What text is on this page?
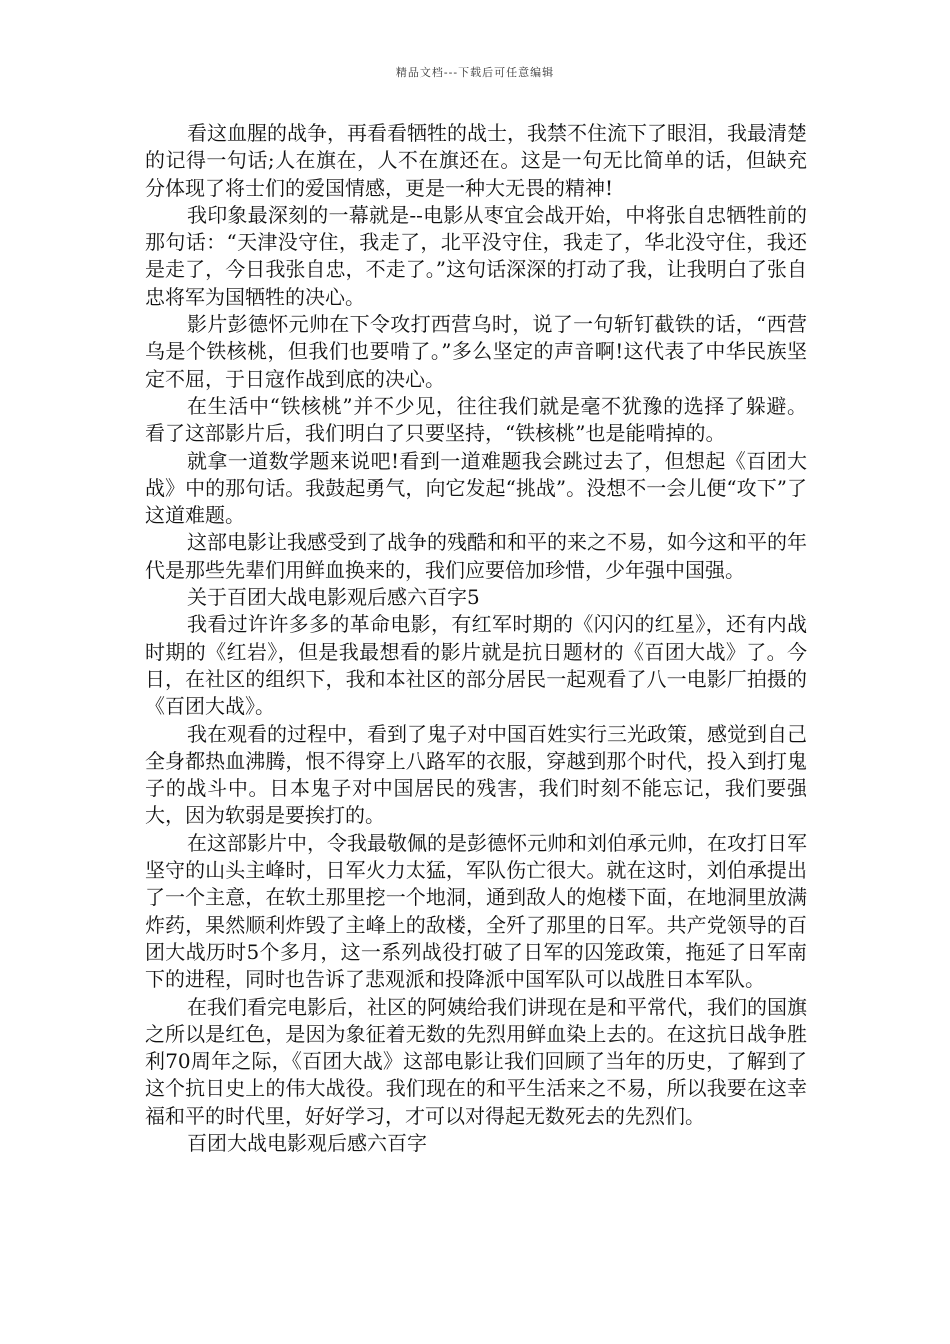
精品文档---下载后可任意编辑

看这血腥的战争，再看看牺牲的战士，我禁不住流下了眼泪，我最清楚的记得一句话;人在旗在，人不在旗还在。这是一句无比简单的话，但缺充分体现了将士们的爱国情感，更是一种大无畏的精神!

我印象最深刻的一幕就是--电影从枣宜会战开始，中将张自忠牺牲前的那句话：“天津没守住，我走了，北平没守住，我走了，华北没守住，我还是走了，今日我张自忠，不走了。”这句话深深的打动了我，让我明白了张自忠将军为国牺牲的决心。

影片彭德怀元帅在下令攻打西营乌时，说了一句斩钉截铁的话，“西营乌是个铁核桃，但我们也要啃了。”多么坚定的声音啊!这代表了中华民族坚定不屈，于日寇作战到底的决心。

在生活中“铁核桃”并不少见，往往我们就是毫不犹豫的选择了躲避。看了这部影片后，我们明白了只要坚持，“铁核桃”也是能啃掉的。

就拿一道数学题来说吧!看到一道难题我会跳过去了，但想起《百团大战》中的那句话。我鼓起勇气，向它发起“挑战”。没想不一会儿便“攻下”了这道难题。

这部电影让我感受到了战争的残酷和和平的来之不易，如今这和平的年代是那些先辈们用鲜血换来的，我们应要倍加珍惜，少年强中国强。

关于百团大战电影观后感六百字5

我看过许许多多的革命电影，有红军时期的《闪闪的红星》，还有内战时期的《红岩》，但是我最想看的影片就是抗日题材的《百团大战》了。今日，在社区的组织下，我和本社区的部分居民一起观看了八一电影厂拍摄的《百团大战》。

我在观看的过程中，看到了鬼子对中国百姓实行三光政策，感觉到自己全身都热血沸腾，恨不得穿上八路军的衣服，穿越到那个时代，投入到打鬼子的战斗中。日本鬼子对中国居民的残害，我们时刻不能忘记，我们要强大，因为软弱是要挨打的。

在这部影片中，令我最敬佩的是彭德怀元帅和刘伯承元帅，在攻打日军坚守的山头主峰时，日军火力太猛，军队伤亡很大。就在这时，刘伯承提出了一个主意，在软土那里挖一个地洞，通到敌人的炮楼下面，在地洞里放满炸药，果然顺利炸毁了主峰上的敌楼，全歼了那里的日军。共产党领导的百团大战历时5个多月，这一系列战役打破了日军的囚笼政策，拖延了日军南下的进程，同时也告诉了悲观派和投降派中国军队可以战胜日本军队。

在我们看完电影后，社区的阿姨给我们讲现在是和平常代，我们的国旗之所以是红色，是因为象征着无数的先烈用鲜血染上去的。在这抗日战争胜利70周年之际，《百团大战》这部电影让我们回顾了当年的历史，了解到了这个抗日史上的伟大战役。我们现在的和平生活来之不易，所以我要在这幸福和平的时代里，好好学习，才可以对得起无数死去的先烈们。

百团大战电影观后感六百字
